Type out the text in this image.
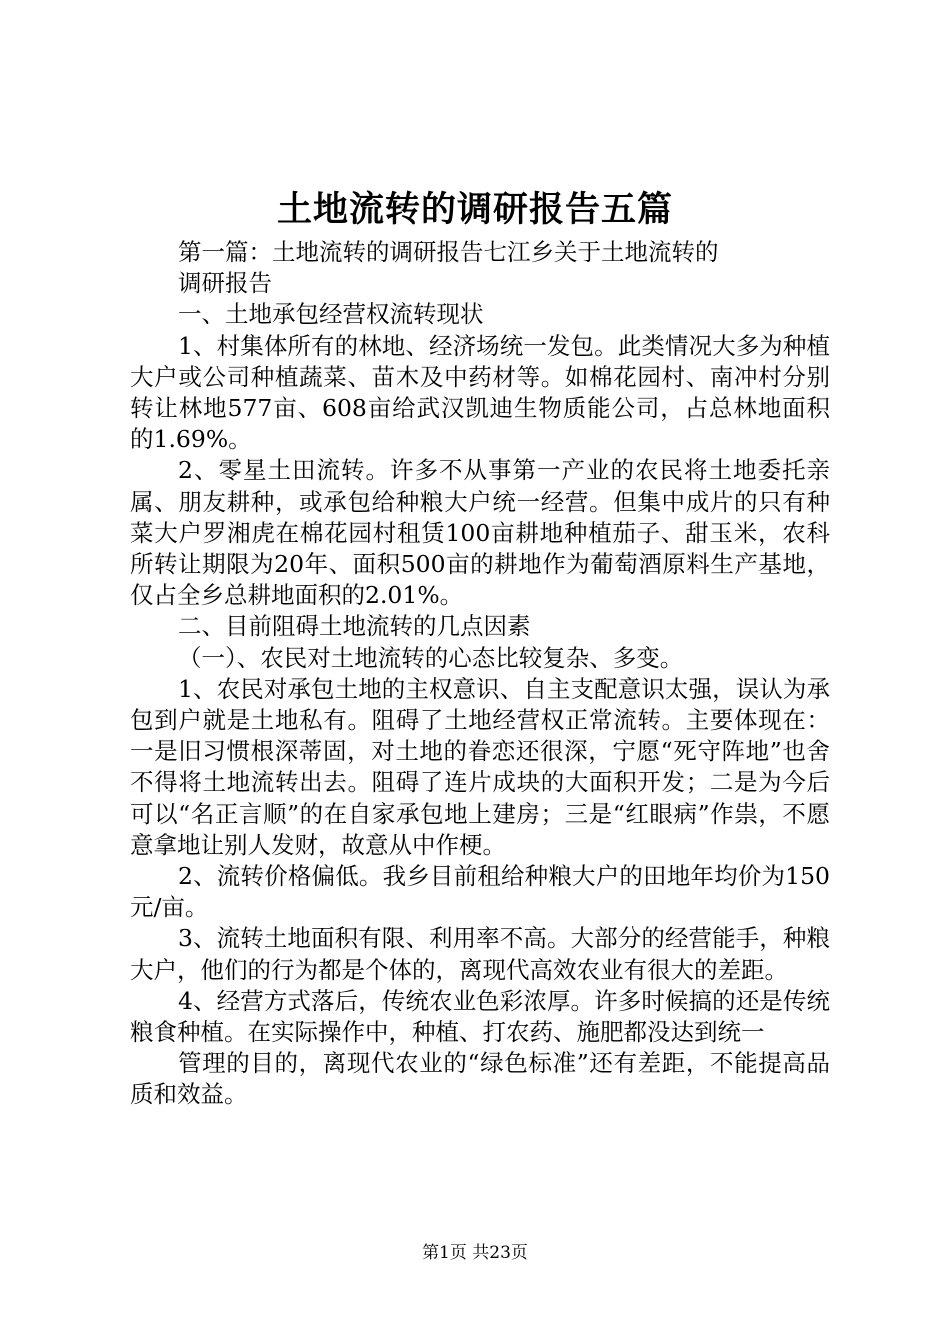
土地流转的调研报告五篇

第一篇：土地流转的调研报告七江乡关于土地流转的

调研报告

一、土地承包经营权流转现状

1、村集体所有的林地、经济场统一发包。此类情况大多为种植大户或公司种植蔬菜、苗木及中药材等。如棉花园村、南冲村分别转让林地577亩、608亩给武汉凯迪生物质能公司，占总林地面积的1.69%。

2、零星土田流转。许多不从事第一产业的农民将土地委托亲属、朋友耕种，或承包给种粮大户统一经营。但集中成片的只有种菜大户罗湘虎在棉花园村租赁100亩耕地种植茄子、甜玉米，农科所转让期限为20年、面积500亩的耕地作为葡萄酒原料生产基地，仅占全乡总耕地面积的2.01%。

二、目前阻碍土地流转的几点因素

（一）、农民对土地流转的心态比较复杂、多变。

1、农民对承包土地的主权意识、自主支配意识太强，误认为承包到户就是土地私有。阻碍了土地经营权正常流转。主要体现在：一是旧习惯根深蒂固，对土地的眷恋还很深，宁愿“死守阵地”也舍不得将土地流转出去。阻碍了连片成块的大面积开发；二是为今后可以“名正言顺”的在自家承包地上建房；三是“红眼病”作祟，不愿意拿地让别人发财，故意从中作梗。

2、流转价格偏低。我乡目前租给种粮大户的田地年均价为150元/亩。

3、流转土地面积有限、利用率不高。大部分的经营能手，种粮大户，他们的行为都是个体的，离现代高效农业有很大的差距。

4、经营方式落后，传统农业色彩浓厚。许多时候搞的还是传统粮食种植。在实际操作中，种植、打农药、施肥都没达到统一

管理的目的，离现代农业的“绿色标准”还有差距，不能提高品质和效益。

第1页 共23页
